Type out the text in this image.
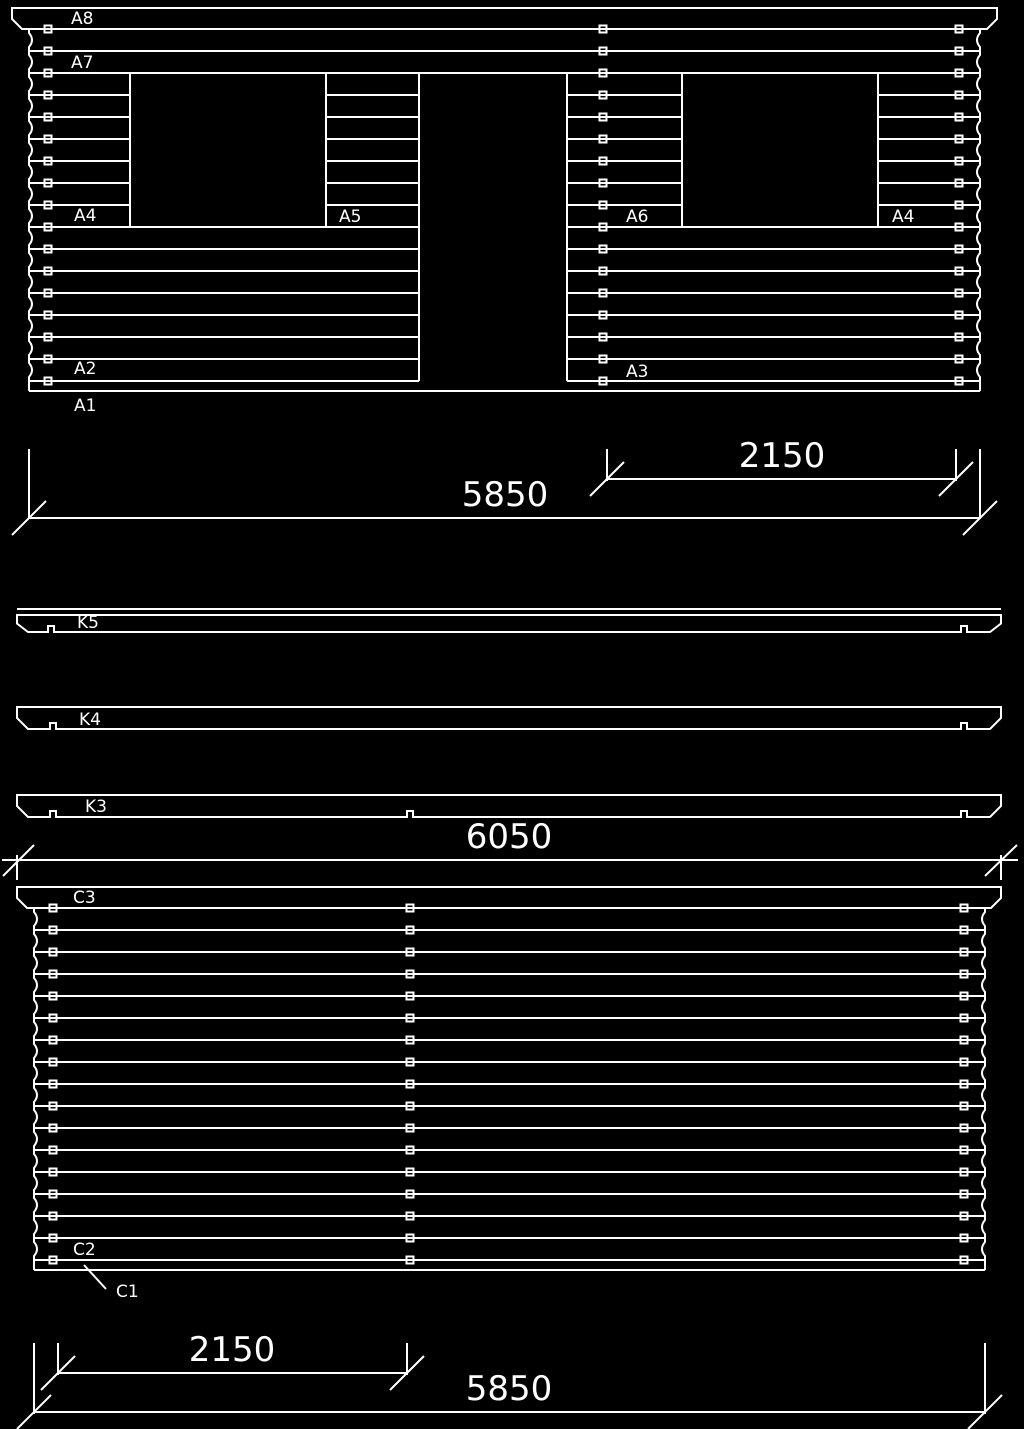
A8
A7
A4	A5	A6	A4
A2	A3
A1
2150
5850
K5
K4
K3
6050
C3
C2
C1
2150
5850
